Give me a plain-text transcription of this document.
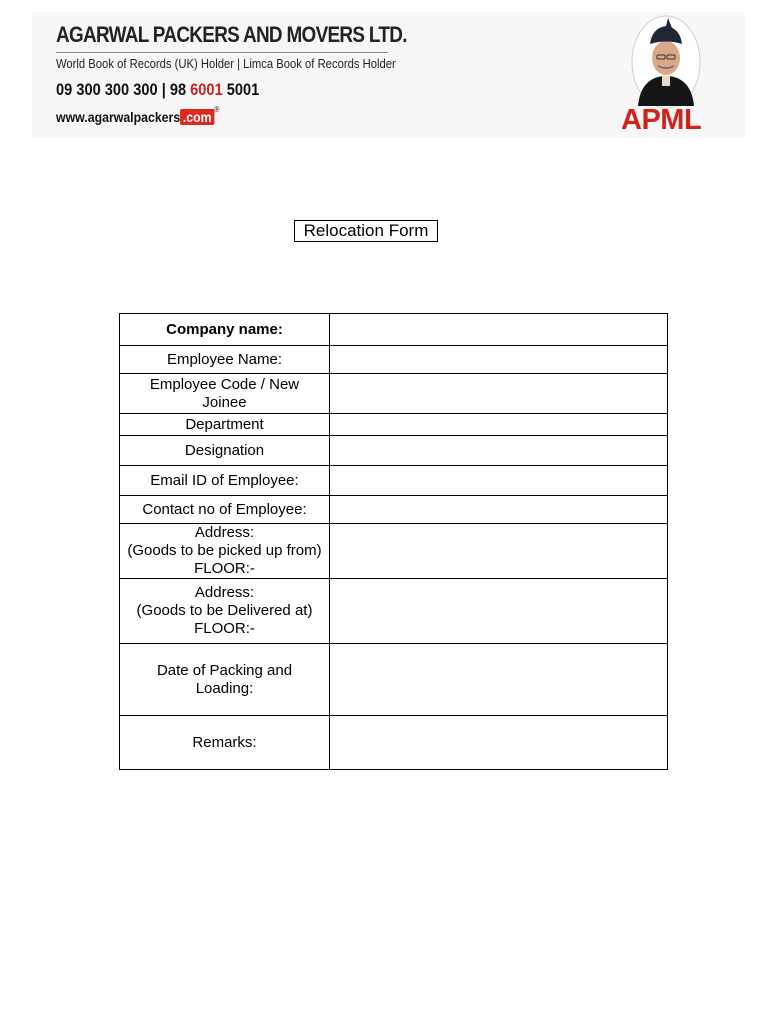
AGARWAL PACKERS AND MOVERS LTD.
World Book of Records (UK) Holder | Limca Book of Records Holder
09 300 300 300 | 98 6001 5001
www.agarwalpackers .com ®	APML
Relocation Form
Company name:	
Employee Name:	
Employee Code / New
Joinee	
Department	
Designation	
Email ID of Employee:	
Contact no of Employee:	
Address:
(Goods to be picked up from)
FLOOR:-	
Address:
(Goods to be Delivered at)
FLOOR:-	
Date of Packing and
Loading:	
Remarks:	
